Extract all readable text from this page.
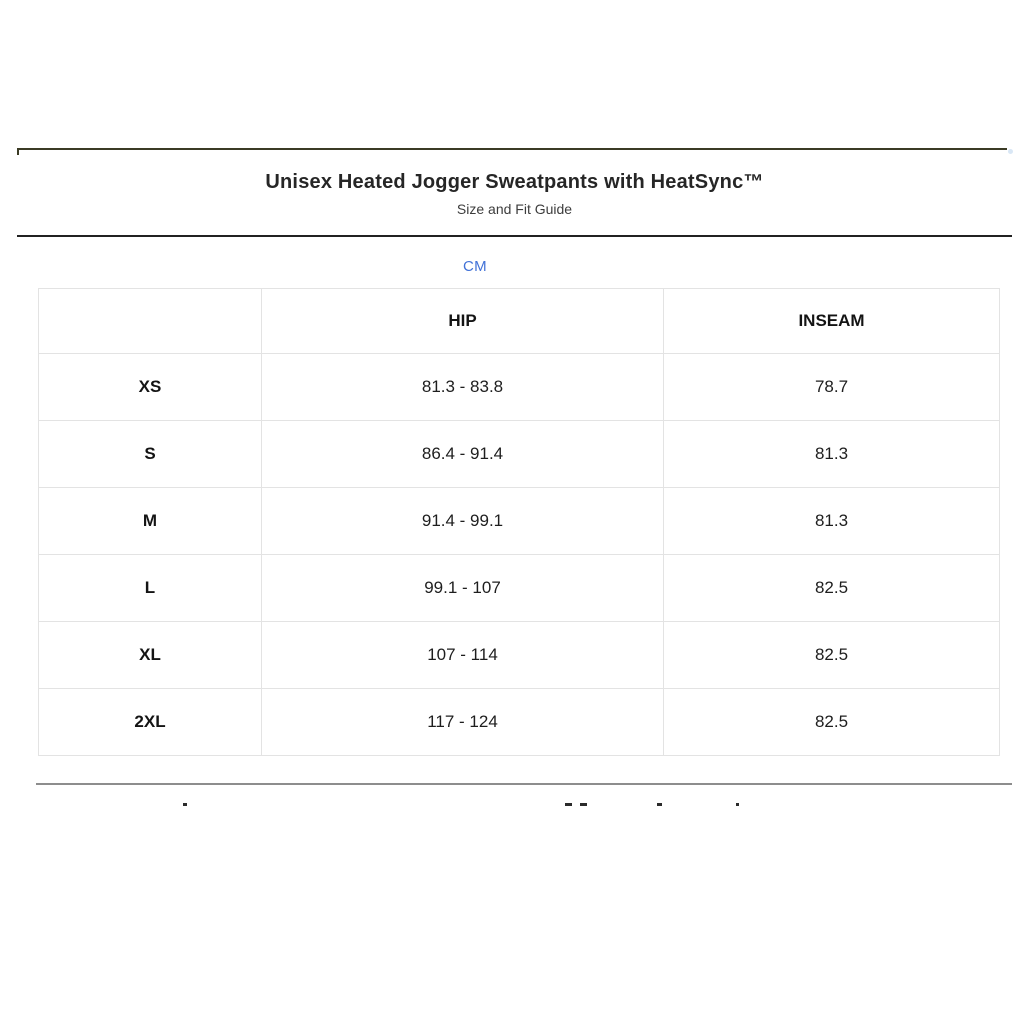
Unisex Heated Jogger Sweatpants with HeatSync™
Size and Fit Guide
CM
	HIP	INSEAM
XS	81.3 - 83.8	78.7
S	86.4 - 91.4	81.3
M	91.4 - 99.1	81.3
L	99.1 - 107	82.5
XL	107 - 114	82.5
2XL	117 - 124	82.5
